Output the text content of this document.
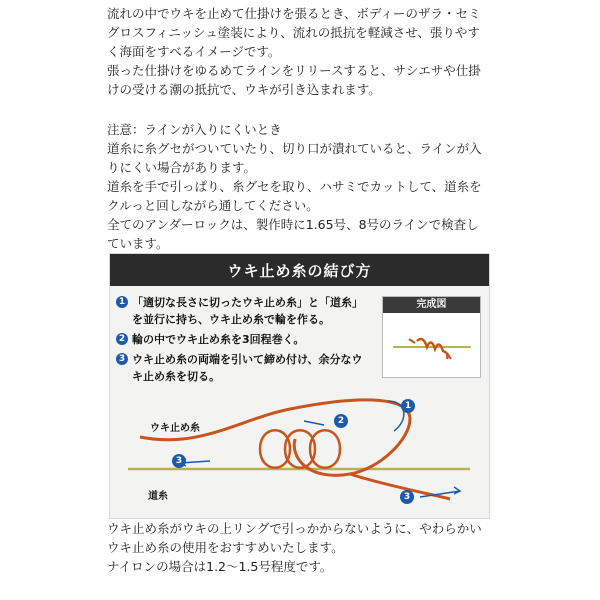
流れの中でウキを止めて仕掛けを張るとき、ボディーのザラ・セミグロスフィニッシュ塗装により、流れの抵抗を軽減させ、張りやすく海面をすべるイメージです。

張った仕掛けをゆるめてラインをリリースすると、サシエサや仕掛けの受ける潮の抵抗で、ウキが引き込まれます。

注意：ラインが入りにくいとき

道糸に糸グセがついていたり、切り口が潰れていると、ラインが入りにくい場合があります。

道糸を手で引っぱり、糸グセを取り、ハサミでカットして、道糸をクルっと回しながら通してください。

全てのアンダーロックは、製作時に1.65号、8号のラインで検査しています。

ウキ止め糸の結び方
1 「適切な長さに切ったウキ止め糸」と「道糸」を並行に持ち、ウキ止め糸で輪を作る。
2 輪の中でウキ止め糸を3回程巻く。
3 ウキ止め糸の両端を引いて締め付け、余分なウキ止め糸を切る。
完成図
ウキ止め糸
道糸
1
2
3
3

ウキ止め糸がウキの上リングで引っかからないように、やわらかいウキ止め糸の使用をおすすめいたします。

ナイロンの場合は1.2〜1.5号程度です。
